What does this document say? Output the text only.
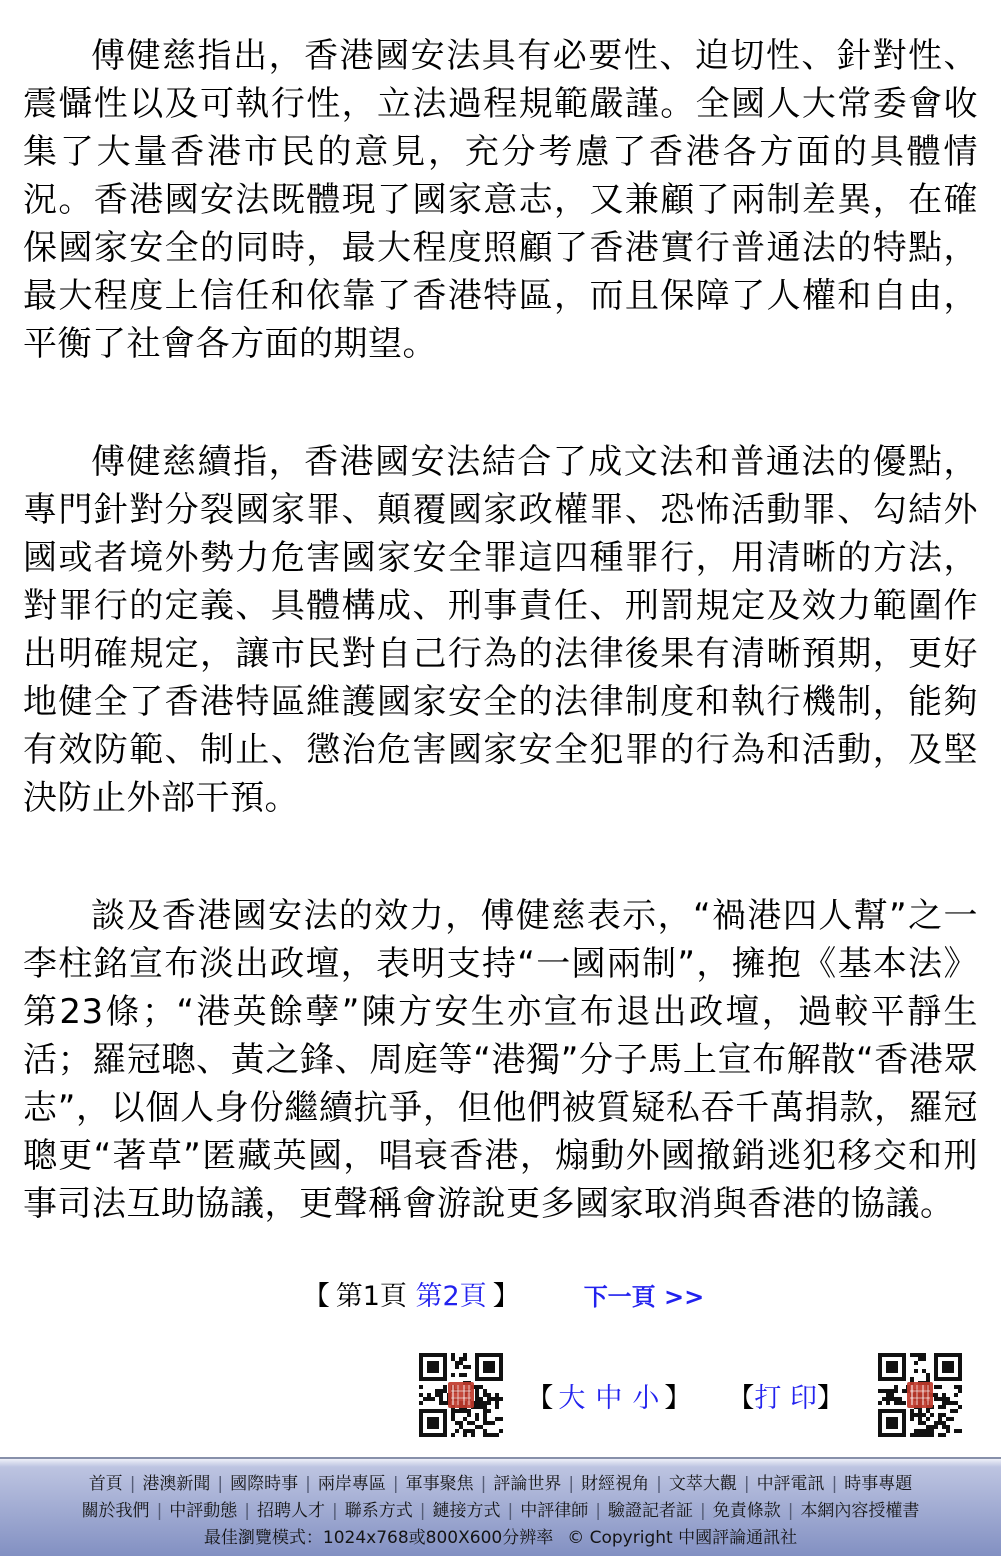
傅健慈指出，香港國安法具有必要性、迫切性、針對性、震懾性以及可執行性，立法過程規範嚴謹。全國人大常委會收集了大量香港市民的意見，充分考慮了香港各方面的具體情況。香港國安法既體現了國家意志，又兼顧了兩制差異，在確保國家安全的同時，最大程度照顧了香港實行普通法的特點，最大程度上信任和依靠了香港特區，而且保障了人權和自由，平衡了社會各方面的期望。

傅健慈續指，香港國安法結合了成文法和普通法的優點，專門針對分裂國家罪、顛覆國家政權罪、恐怖活動罪、勾結外國或者境外勢力危害國家安全罪這四種罪行，用清晰的方法，對罪行的定義、具體構成、刑事責任、刑罰規定及效力範圍作出明確規定，讓市民對自己行為的法律後果有清晰預期，更好地健全了香港特區維護國家安全的法律制度和執行機制，能夠有效防範、制止、懲治危害國家安全犯罪的行為和活動，及堅決防止外部干預。

談及香港國安法的效力，傅健慈表示，“禍港四人幫”之一李柱銘宣布淡出政壇，表明支持“一國兩制”，擁抱《基本法》第23條；“港英餘孽”陳方安生亦宣布退出政壇，過較平靜生活；羅冠聰、黃之鋒、周庭等“港獨”分子馬上宣布解散“香港眾志”，以個人身份繼續抗爭，但他們被質疑私吞千萬捐款，羅冠聰更“著草”匿藏英國，唱衰香港，煽動外國撤銷逃犯移交和刑事司法互助協議，更聲稱會游說更多國家取消與香港的協議。

【 第1頁 第2頁 】	下一頁 >>
【 大 中 小 】 【打 印】
首頁 | 港澳新聞 | 國際時事 | 兩岸專區 | 軍事聚焦 | 評論世界 | 財經視角 | 文萃大觀 | 中評電訊 | 時事專題
關於我們 | 中評動態 | 招聘人才 | 聯系方式 | 鏈接方式 | 中評律師 | 驗證記者証 | 免責條款 | 本網內容授權書
最佳瀏覽模式：1024x768或800X600分辨率 © Copyright 中國評論通訊社
